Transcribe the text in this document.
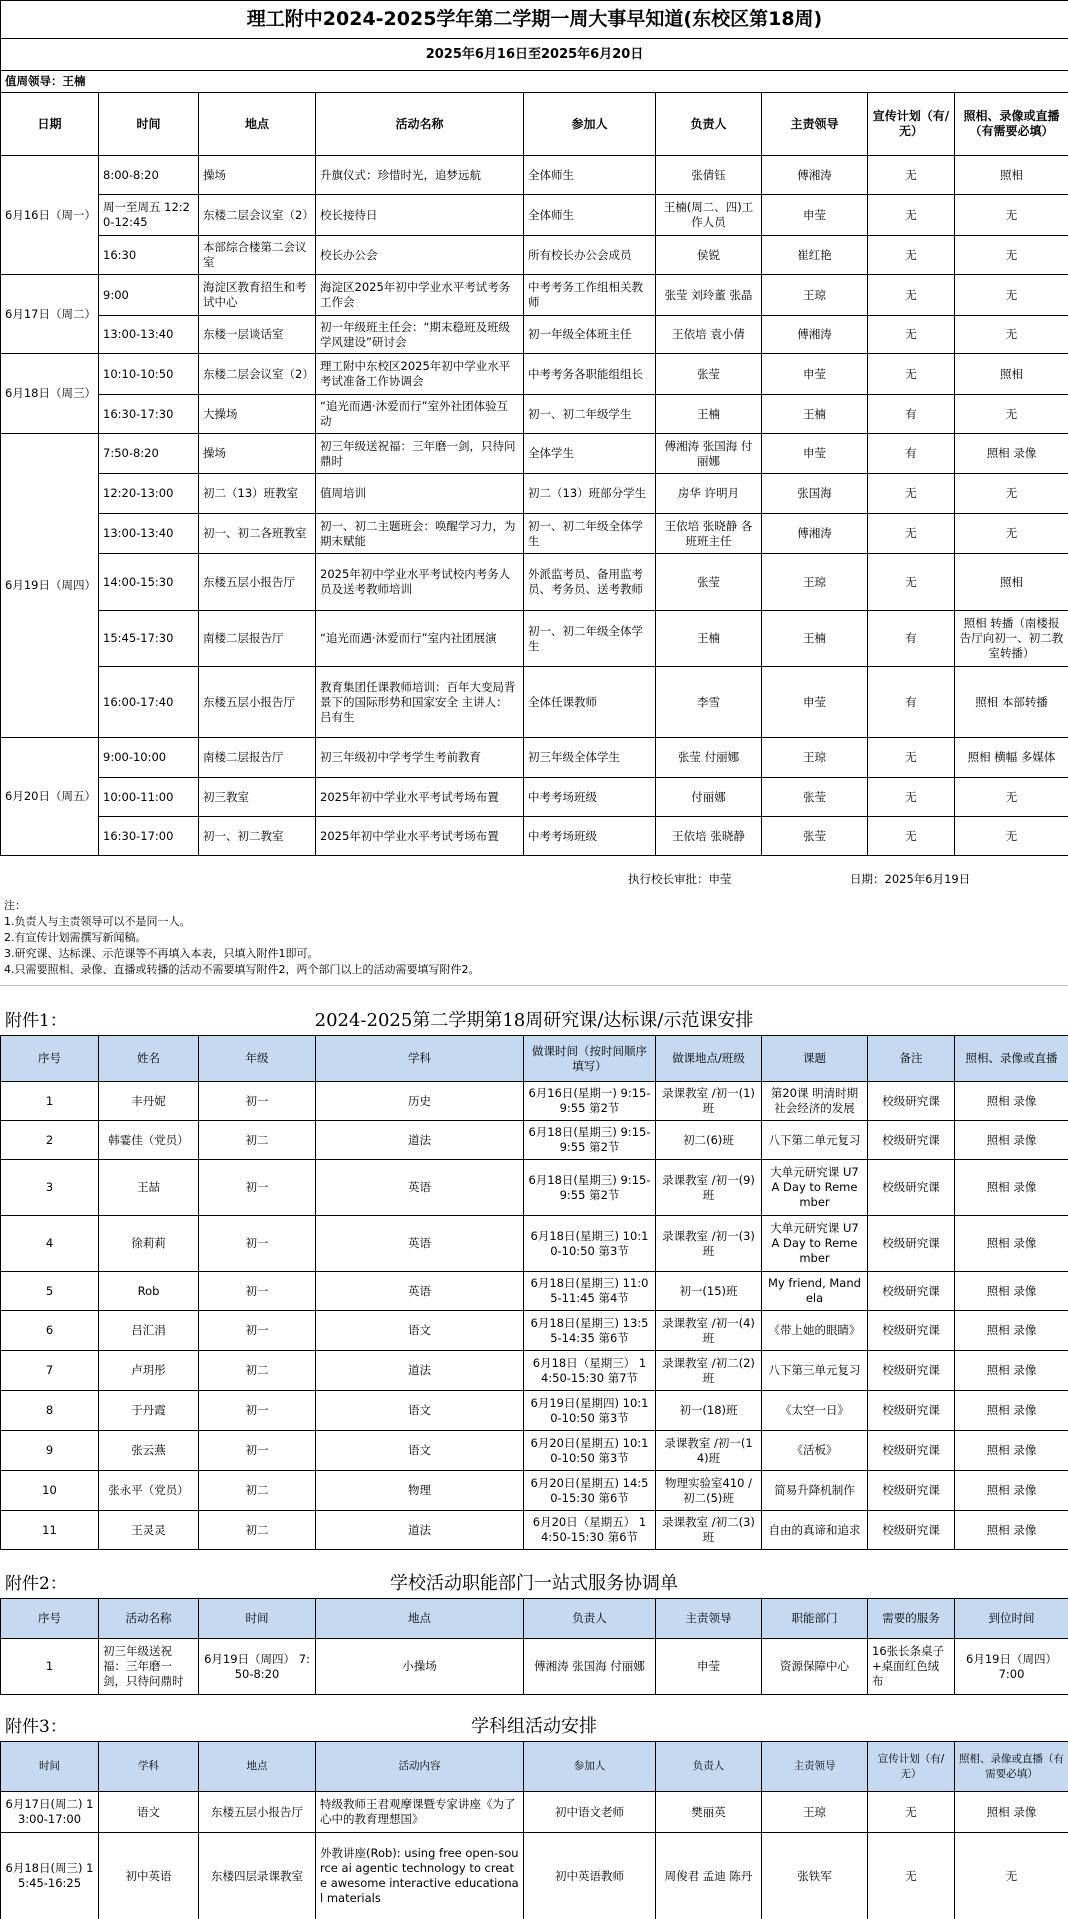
理工附中2024-2025学年第二学期一周大事早知道(东校区第18周)								
2025年6月16日至2025年6月20日								
值周领导：王楠								
日期	时间	地点	活动名称	参加人	负责人	主责领导	宣传计划（有/无）	照相、录像或直播（有需要必填）
6月16日（周一）	8:00-8:20	操场	升旗仪式：珍惜时光，追梦远航	全体师生	张倩钰	傅湘涛	无	照相
	周一至周五 12:20-12:45	东楼二层会议室（2）	校长接待日	全体师生	王楠(周二、四)工作人员	申莹	无	无
	16:30	本部综合楼第二会议室	校长办公会	所有校长办公会成员	侯锐	崔红艳	无	无
6月17日（周二）	9:00	海淀区教育招生和考试中心	海淀区2025年初中学业水平考试考务工作会	中考考务工作组相关教师	张莹 刘玲董 张晶	王琼	无	无
	13:00-13:40	东楼一层谈话室	初一年级班主任会：“期末稳班及班级学风建设”研讨会	初一年级全体班主任	王依培 袁小倩	傅湘涛	无	无
6月18日（周三）	10:10-10:50	东楼二层会议室（2）	理工附中东校区2025年初中学业水平考试准备工作协调会	中考考务各职能组组长	张莹	申莹	无	照相
	16:30-17:30	大操场	“追光而遇·沐爱而行”室外社团体验互动	初一、初二年级学生	王楠	王楠	有	无
6月19日（周四）	7:50-8:20	操场	初三年级送祝福：三年磨一剑，只待问鼎时	全体学生	傅湘涛 张国海 付丽娜	申莹	有	照相 录像
	12:20-13:00	初二（13）班教室	值周培训	初二（13）班部分学生	房华 许明月	张国海	无	无
	13:00-13:40	初一、初二各班教室	初一、初二主题班会：唤醒学习力，为期末赋能	初一、初二年级全体学生	王依培 张晓静 各班班主任	傅湘涛	无	无
	14:00-15:30	东楼五层小报告厅	2025年初中学业水平考试校内考务人员及送考教师培训	外派监考员、备用监考员、考务员、送考教师	张莹	王琼	无	照相
	15:45-17:30	南楼二层报告厅	“追光而遇·沐爱而行”室内社团展演	初一、初二年级全体学生	王楠	王楠	有	照相 转播（南楼报告厅向初一、初二教室转播）
	16:00-17:40	东楼五层小报告厅	教育集团任课教师培训：百年大变局背景下的国际形势和国家安全 主讲人：吕有生	全体任课教师	李雪	申莹	有	照相 本部转播
6月20日（周五）	9:00-10:00	南楼二层报告厅	初三年级初中学考学生考前教育	初三年级全体学生	张莹 付丽娜	王琼	无	照相 横幅 多媒体
	10:00-11:00	初三教室	2025年初中学业水平考试考场布置	中考考场班级	付丽娜	张莹	无	无
	16:30-17:00	初一、初二教室	2025年初中学业水平考试考场布置	中考考场班级	王依培 张晓静	张莹	无	无
执行校长审批：申莹	日期：2025年6月19日
注：
1.负责人与主责领导可以不是同一人。
2.有宣传计划需撰写新闻稿。
3.研究课、达标课、示范课等不再填入本表，只填入附件1即可。
4.只需要照相、录像、直播或转播的活动不需要填写附件2，两个部门以上的活动需要填写附件2。
2024-2025第二学期第18周研究课/达标课/示范课安排
附件1：
序号	姓名	年级	学科	做课时间（按时间顺序填写）	做课地点/班级	课题	备注	照相、录像或直播
1	丰丹妮	初一	历史	6月16日(星期一) 9:15-9:55 第2节	录课教室 /初一(1)班	第20课 明清时期社会经济的发展	校级研究课	照相 录像
2	韩霎佳（党员）	初二	道法	6月18日(星期三) 9:15-9:55 第2节	初二(6)班	八下第二单元复习	校级研究课	照相 录像
3	王喆	初一	英语	6月18日(星期三) 9:15-9:55 第2节	录课教室 /初一(9)班	大单元研究课 U7 A Day to Remember	校级研究课	照相 录像
4	徐莉莉	初一	英语	6月18日(星期三) 10:10-10:50 第3节	录课教室 /初一(3)班	大单元研究课 U7 A Day to Remember	校级研究课	照相 录像
5	Rob	初一	英语	6月18日(星期三) 11:05-11:45 第4节	初一(15)班	My friend, Mandela	校级研究课	照相 录像
6	吕汇涓	初一	语文	6月18日(星期三) 13:55-14:35 第6节	录课教室 /初一(4)班	《带上她的眼睛》	校级研究课	照相 录像
7	卢玥彤	初二	道法	6月18日（星期三） 14:50-15:30 第7节	录课教室 /初二(2)班	八下第三单元复习	校级研究课	照相 录像
8	于丹霞	初一	语文	6月19日(星期四) 10:10-10:50 第3节	初一(18)班	《太空一日》	校级研究课	照相 录像
9	张云燕	初一	语文	6月20日(星期五) 10:10-10:50 第3节	录课教室 /初一(14)班	《活板》	校级研究课	照相 录像
10	张永平（党员）	初二	物理	6月20日(星期五) 14:50-15:30 第6节	物理实验室410 /初二(5)班	简易升降机制作	校级研究课	照相 录像
11	王灵灵	初二	道法	6月20日（星期五） 14:50-15:30 第6节	录课教室 /初二(3)班	自由的真谛和追求	校级研究课	照相 录像
学校活动职能部门一站式服务协调单
附件2：
序号	活动名称	时间	地点	负责人	主责领导	职能部门	需要的服务	到位时间
1	初三年级送祝福：三年磨一剑，只待问鼎时	6月19日（周四） 7:50-8:20	小操场	傅湘涛 张国海 付丽娜	申莹	资源保障中心	16张长条桌子+桌面红色绒布	6月19日（周四） 7:00
学科组活动安排
附件3：
时间	学科	地点	活动内容	参加人	负责人	主责领导	宣传计划（有/无）	照相、录像或直播（有需要必填）
6月17日(周二) 13:00-17:00	语文	东楼五层小报告厅	特级教师王君观摩课暨专家讲座《为了心中的教育理想国》	初中语文老师	樊丽英	王琼	无	照相 录像
6月18日(周三) 15:45-16:25	初中英语	东楼四层录课教室	外教讲座(Rob): using free open-source ai agentic technology to create awesome interactive educational materials	初中英语教师	周俊君 孟迪 陈丹	张铁军	无	无
